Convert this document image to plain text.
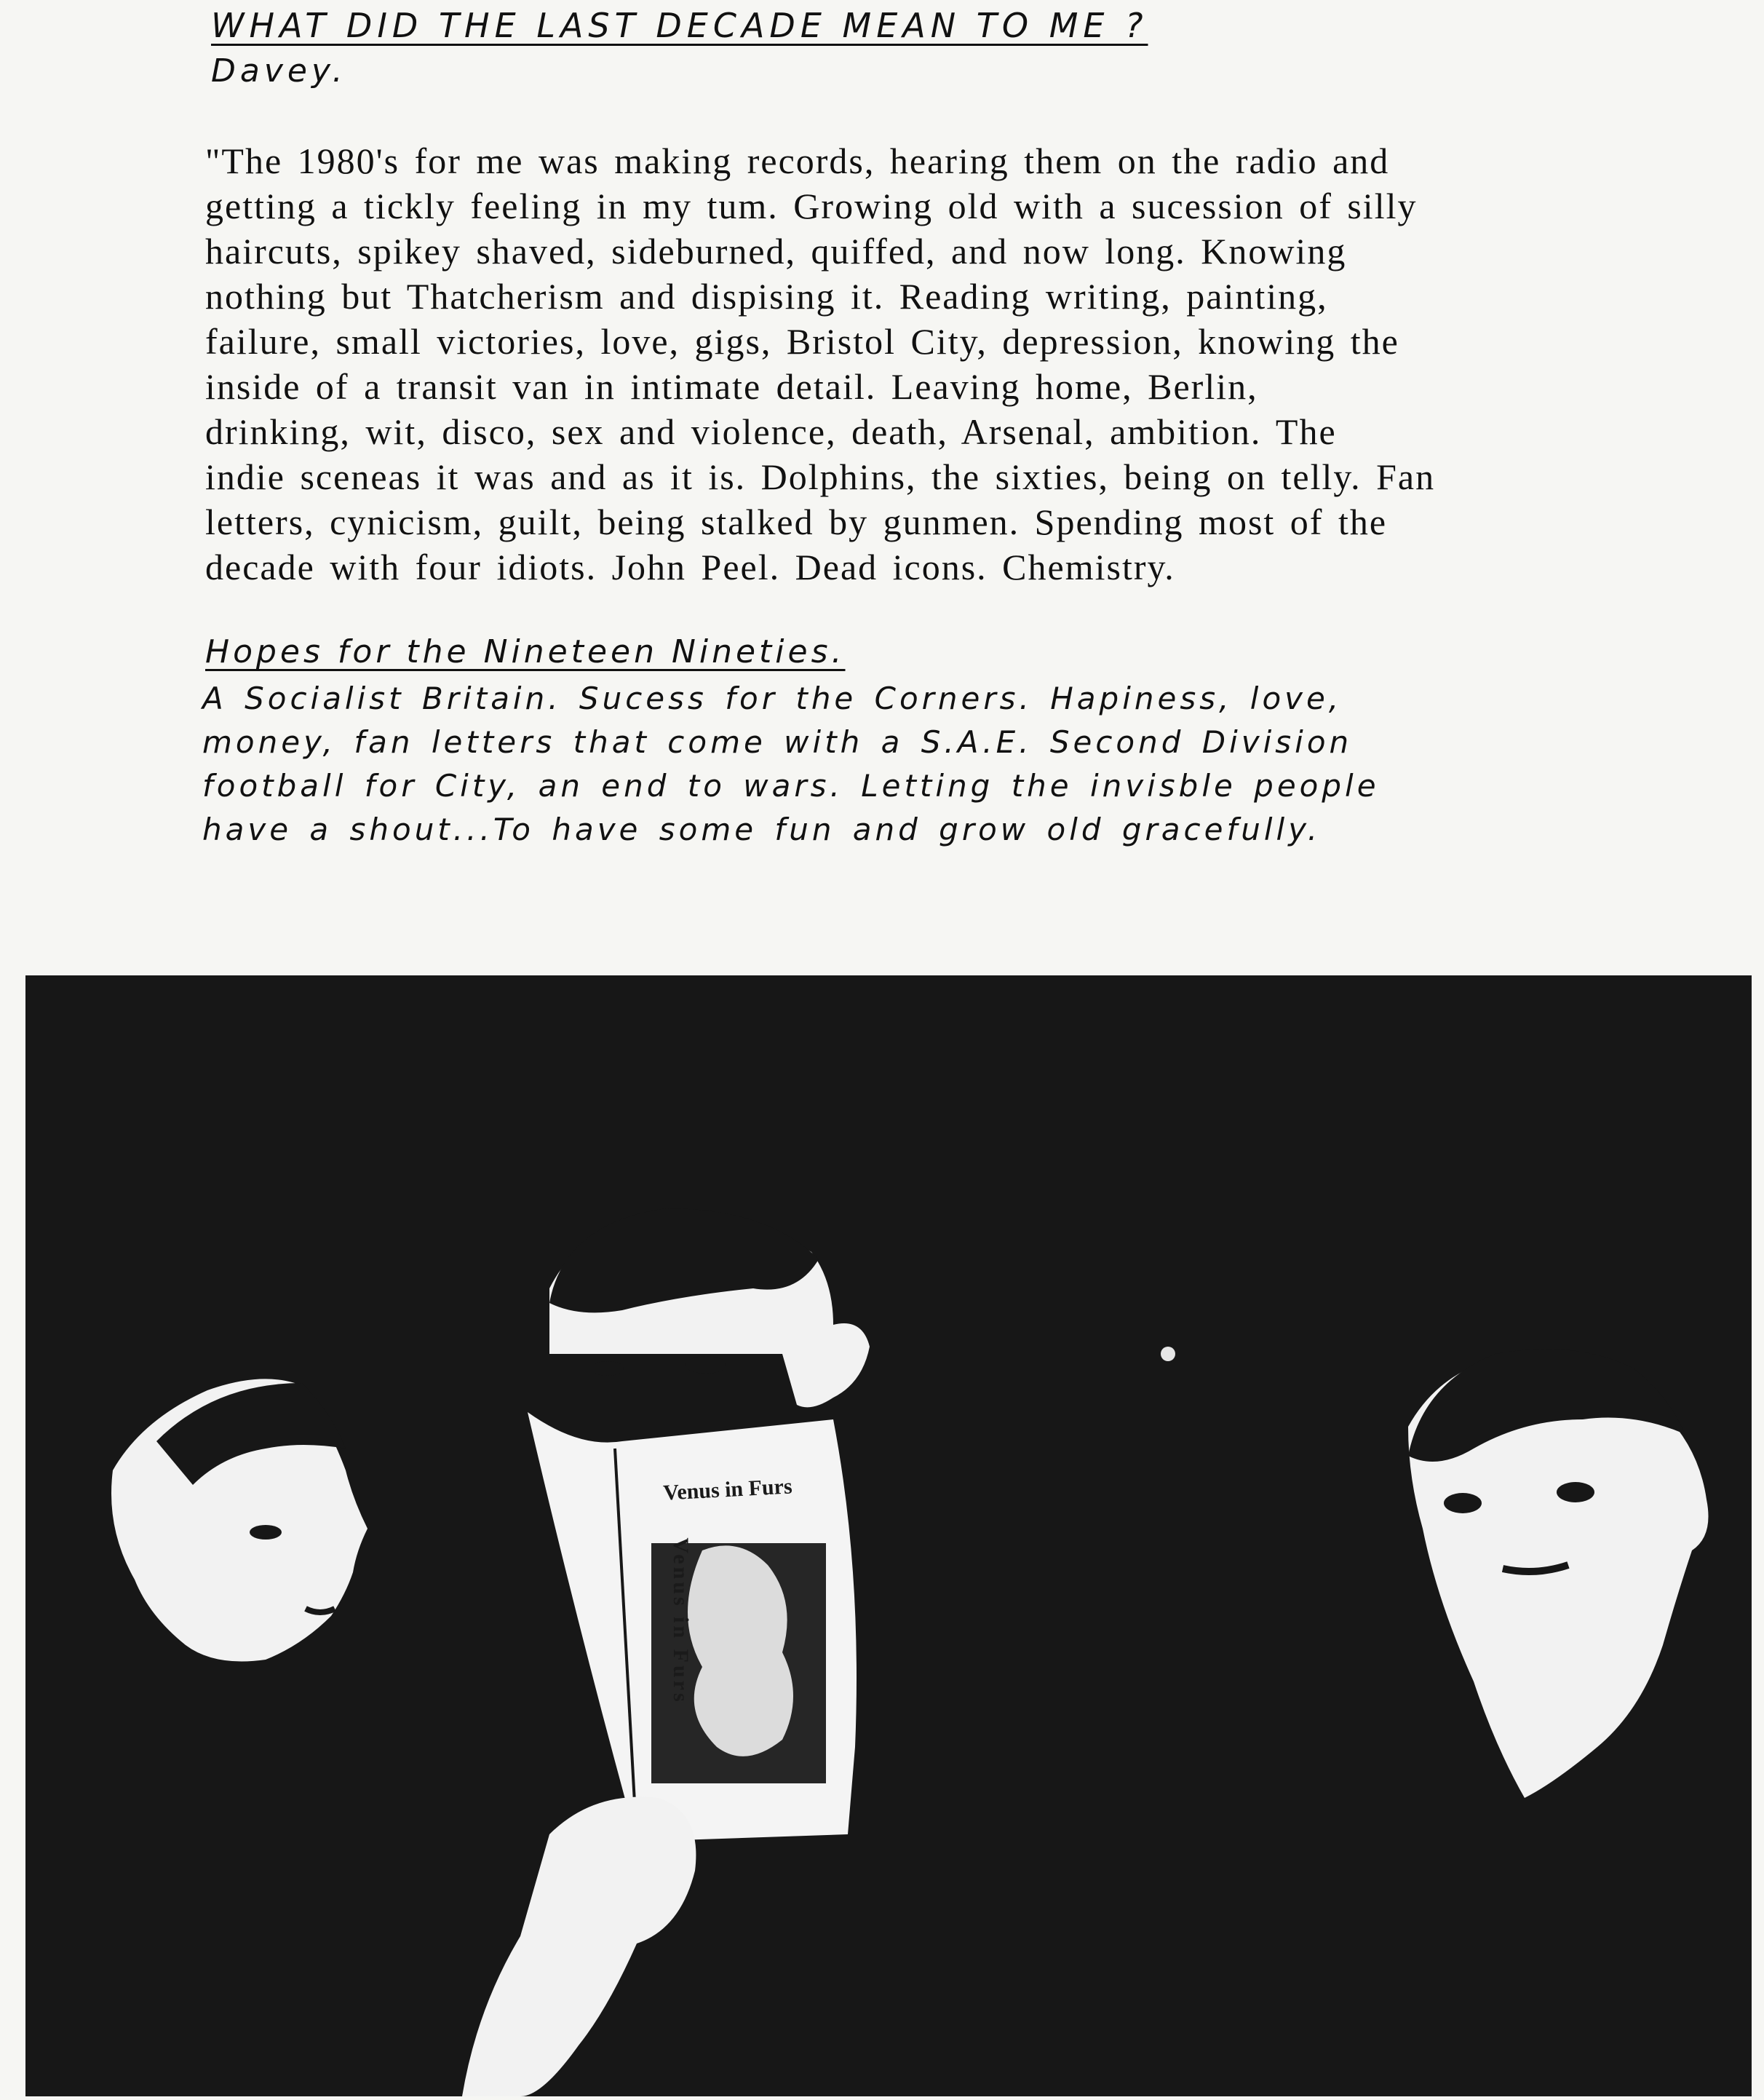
WHAT DID THE LAST DECADE MEAN TO ME ?
Davey.
"The 1980's for me was making records, hearing them on the radio and
getting a tickly feeling in my tum. Growing old with a sucession of silly
haircuts, spikey shaved, sideburned, quiffed, and now long. Knowing
nothing but Thatcherism and dispising it. Reading writing, painting,
failure, small victories, love, gigs, Bristol City, depression, knowing the
inside of a transit van in intimate detail. Leaving home, Berlin,
drinking, wit, disco, sex and violence, death, Arsenal, ambition. The
indie sceneas it was and as it is. Dolphins, the sixties, being on telly. Fan
letters, cynicism, guilt, being stalked by gunmen. Spending most of the
decade with four idiots. John Peel. Dead icons. Chemistry.
Hopes for the Nineteen Nineties.
A Socialist Britain. Sucess for the Corners. Hapiness, love,
money, fan letters that come with a S.A.E. Second Division
football for City, an end to wars. Letting the invisble people
have a shout...To have some fun and grow old gracefully.
Venus in Furs
Venus in Furs
